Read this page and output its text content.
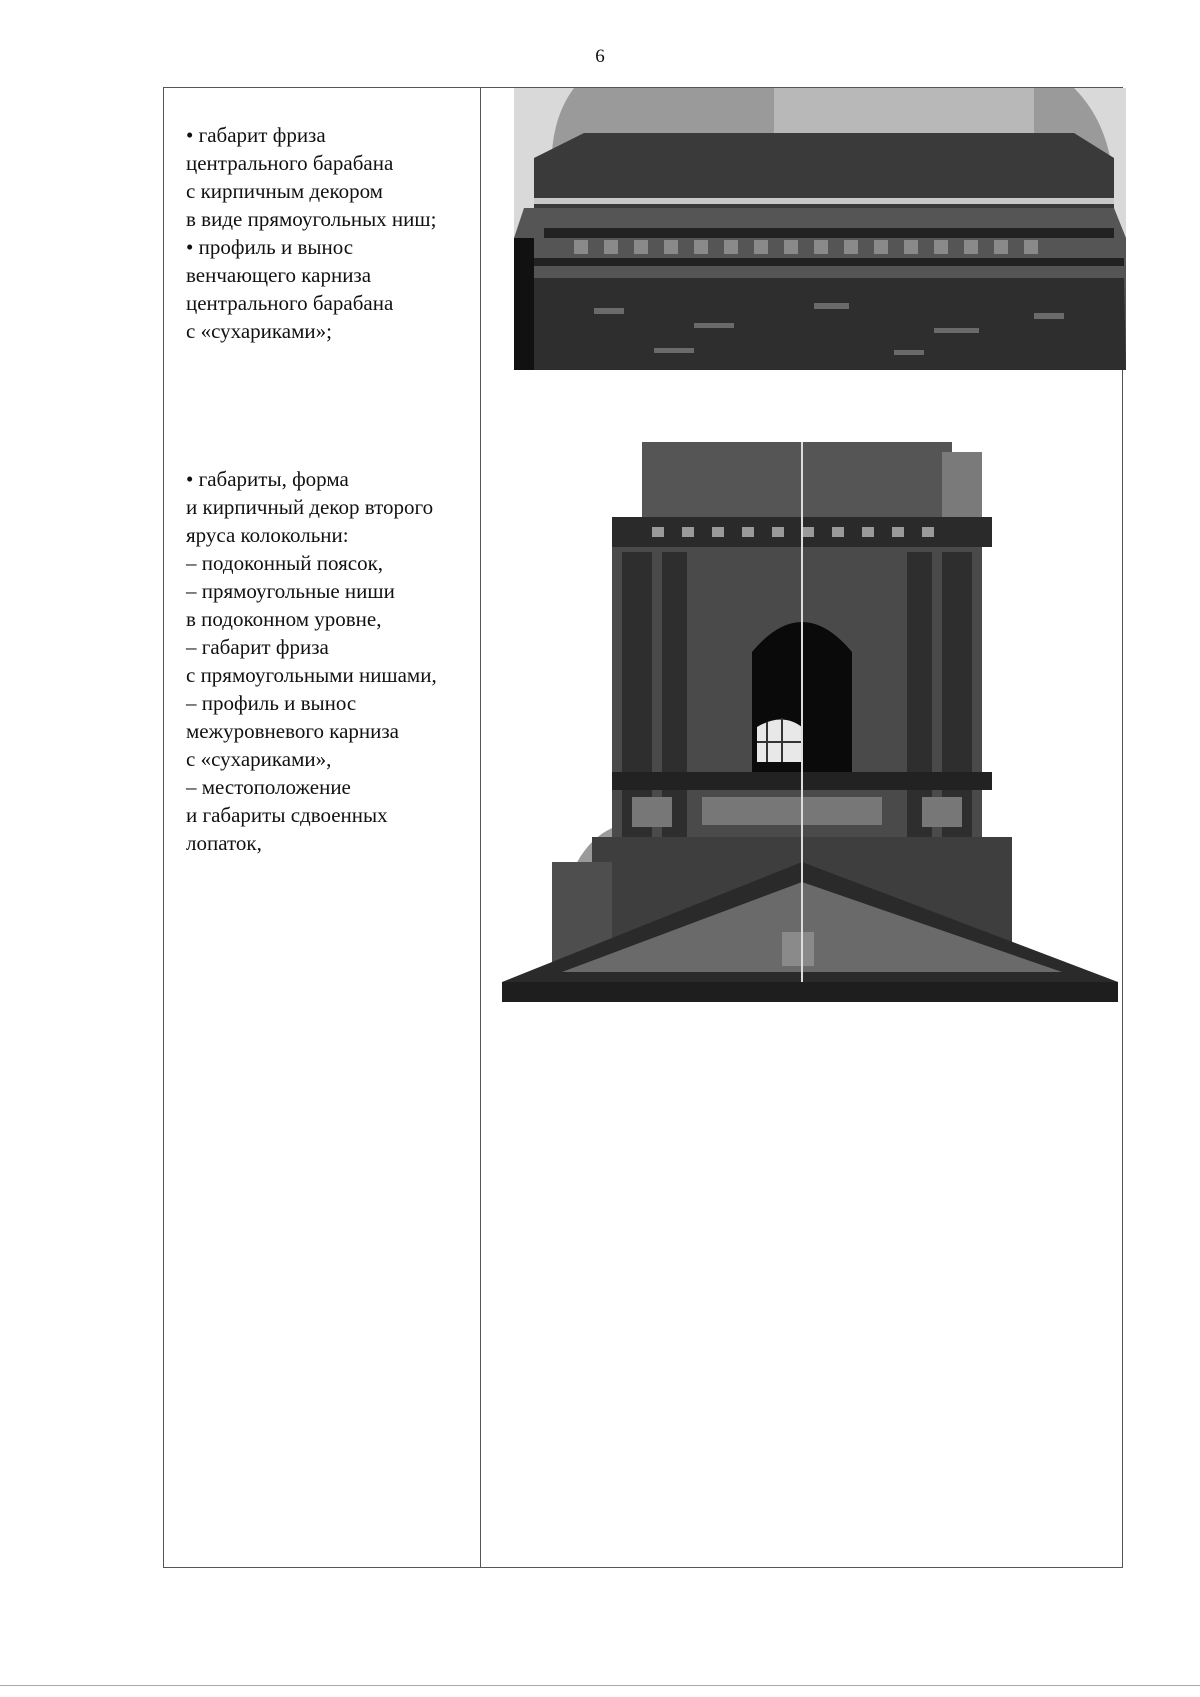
6
• габарит фриза
центрального барабана
с кирпичным декором
в виде прямоугольных ниш;
• профиль и вынос
венчающего карниза
центрального барабана
с «сухариками»;
• габариты, форма
и кирпичный декор второго
яруса колокольни:
– подоконный поясок,
– прямоугольные ниши
в подоконном уровне,
– габарит фриза
с прямоугольными нишами,
– профиль и вынос
межуровневого карниза
с «сухариками»,
– местоположение
и габариты сдвоенных
лопаток,
